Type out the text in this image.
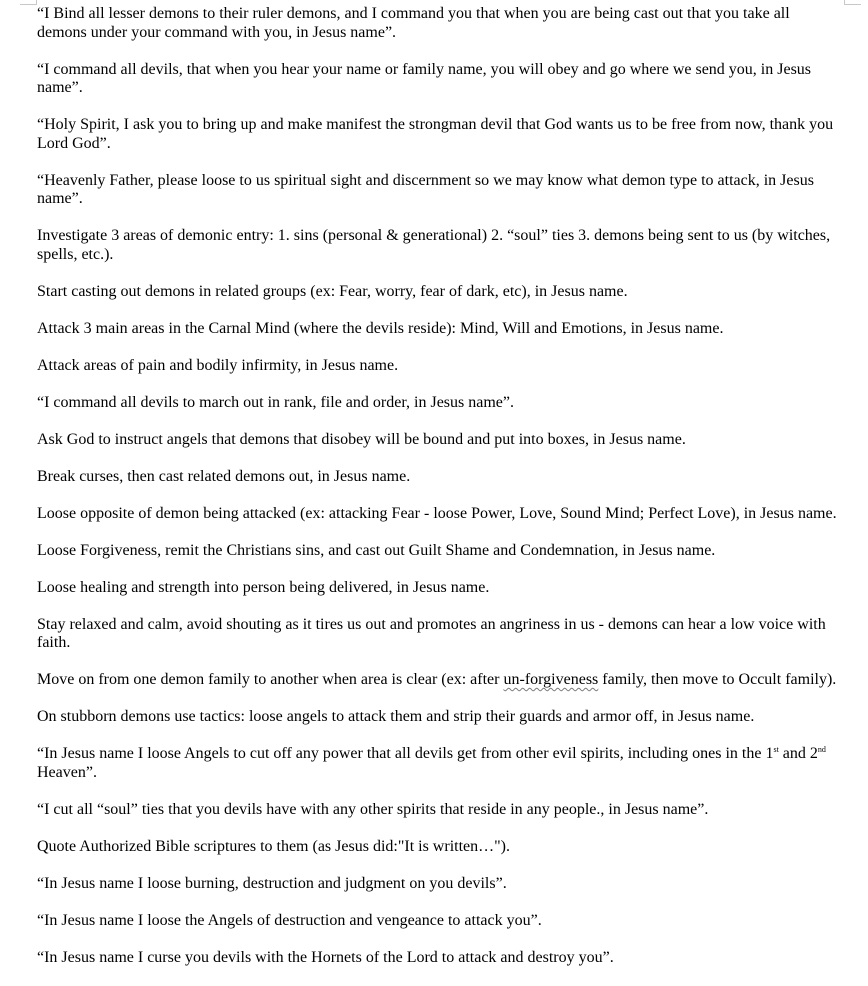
“I Bind all lesser demons to their ruler demons, and I command you that when you are being cast out that you take all demons under your command with you, in Jesus name”.

“I command all devils, that when you hear your name or family name, you will obey and go where we send you, in Jesus name”.

“Holy Spirit, I ask you to bring up and make manifest the strongman devil that God wants us to be free from now, thank you Lord God”.

“Heavenly Father, please loose to us spiritual sight and discernment so we may know what demon type to attack, in Jesus name”.

Investigate 3 areas of demonic entry: 1. sins (personal & generational) 2. “soul” ties 3. demons being sent to us (by witches, spells, etc.).

Start casting out demons in related groups (ex: Fear, worry, fear of dark, etc), in Jesus name.

Attack 3 main areas in the Carnal Mind (where the devils reside): Mind, Will and Emotions, in Jesus name.

Attack areas of pain and bodily infirmity, in Jesus name.

“I command all devils to march out in rank, file and order, in Jesus name”.

Ask God to instruct angels that demons that disobey will be bound and put into boxes, in Jesus name.

Break curses, then cast related demons out, in Jesus name.

Loose opposite of demon being attacked (ex: attacking Fear - loose Power, Love, Sound Mind; Perfect Love), in Jesus name.

Loose Forgiveness, remit the Christians sins, and cast out Guilt Shame and Condemnation, in Jesus name.

Loose healing and strength into person being delivered, in Jesus name.

Stay relaxed and calm, avoid shouting as it tires us out and promotes an angriness in us - demons can hear a low voice with faith.

Move on from one demon family to another when area is clear (ex: after un-forgiveness family, then move to Occult family).

On stubborn demons use tactics: loose angels to attack them and strip their guards and armor off, in Jesus name.

“In Jesus name I loose Angels to cut off any power that all devils get from other evil spirits, including ones in the 1st and 2nd Heaven”.

“I cut all “soul” ties that you devils have with any other spirits that reside in any people., in Jesus name”.

Quote Authorized Bible scriptures to them (as Jesus did:"It is written…").

“In Jesus name I loose burning, destruction and judgment on you devils”.

“In Jesus name I loose the Angels of destruction and vengeance to attack you”.

“In Jesus name I curse you devils with the Hornets of the Lord to attack and destroy you”.
